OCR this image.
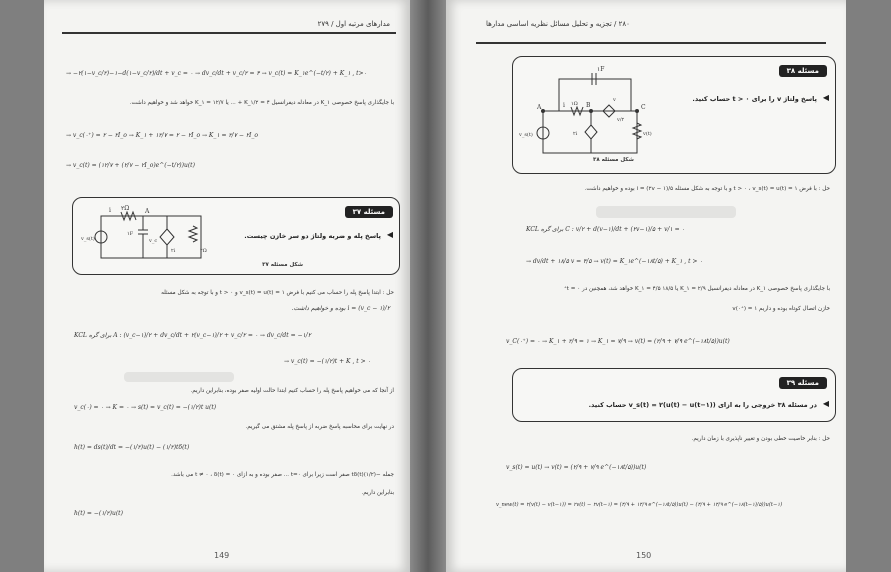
مدارهای مرتبه اول / ۲۷۹
→ −۲(۱−v_c/۲)−۱−d(۱−v_c/۲)/dt + v_c = ۰ → dv_c/dt + v_c/۲ = ۴ → v_c(t) = K_۱e^(−t/۲) + K_۱ , t>۰
با جایگذاری پاسخ خصوصی K_۱ در معادله دیفرانسیل ۴ = K_۱/۲ + ... یا K_۱ = ۱۲/۷ خواهد شد و خواهیم داشت.
→ v_c(۰⁺) = ۲ − ۲I_o → K_۱ + ۱۲/۷ = ۲ − ۲I_o → K_۱ = ۲/۷ − ۲I_o
→ v_c(t) = (۱۲/۷ + (۲/۷ − ۲I_o)e^(−t/۲))u(t)
مسئله ۳۷
◀
پاسخ پله و ضربه ولتاژ دو سر خازن چیست.
شکل مسئله ۳۷
i ۲Ω	A
v_s(t)
۱F
v_c
۲i	۲Ω
حل : ابتدا پاسخ پله را حساب می کنیم با فرض v_s(t) = u(t) = ۱ و ۰ < t و با توجه به شکل مسئله
i = (v_c − ۱)/۲ بوده و خواهیم داشت.
KCL برای گره A : (v_c−۱)/۲ + dv_c/dt + ۲(v_c−۱)/۲ + v_c/۲ = ۰ → dv_c/dt = −۱/۲
→ v_c(t) = −(۱/۲)t + K , t > ۰
از آنجا که می خواهیم پاسخ پله را حساب کنیم ابتدا حالت اولیه صفر بوده، بنابراین داریم.
v_c(۰) = ۰ → K = ۰ → s(t) = v_c(t) = −(۱/۲)t u(t)
در نهایت برای محاسبه پاسخ ضربه از پاسخ پله مشتق می گیریم.
h(t) = ds(t)/dt = −(۱/۲)u(t) − (۱/۲)tδ(t)
جمله −(۱/۲)tδ(t) صفر است زیرا برای t=۰ ... صفر بوده و به ازای t ≠ ۰ ، δ(t) = ۰ می باشد.
بنابراین داریم.
h(t) = −(۱/۲)u(t)
149
۲۸۰ / تجزیه و تحلیل مسائل نظریه اساسی مدارها
مسئله ۳۸
◀
پاسخ ولتاژ v را برای t > ۰ حساب کنید.
شکل مسئله ۳۸
۱F
A	B	C
i ۱Ω
v
v/۲
v_s(t)	۲i	v(t)
حل : با فرض t > ۰ ، v_s(t) = u(t) = ۱ و با توجه به شکل مسئله i = (۲v − ۱)/۵ بوده و خواهیم داشت.
KCL برای گره C : v/۲ + d(v−۱)/dt + (۲v−۱)/۵ + v/۱ = ۰
→ dv/dt + ۱۸/۵ v = ۴/۵ → v(t) = K_۱e^(−۱۸t/۵) + K_۱ , t > ۰
با جایگذاری پاسخ خصوصی K_۱ در معادله دیفرانسیل K_۱ = ۲/۹ یا ۱۸/۵ K_۱ = ۴/۵ خواهد شد، همچنین در t = ۰⁺
خازن اتصال کوتاه بوده و داریم v(۰⁺) = ۱
v_C(۰⁺) = ۰ → K_۱ + ۲/۹ = ۱ → K_۱ = ۷/۹ → v(t) = (۲/۹ + ۷/۹ e^(−۱۸t/۵))u(t)
مسئله ۳۹
◀
در مسئله ۳۸ خروجی را به ازای v_s(t) = ۲(u(t) − u(t−۱)) حساب کنید.
حل : بنابر خاصیت خطی بودن و تغییر ناپذیری با زمان داریم.
v_s(t) = u(t) → v(t) = (۲/۹ + ۷/۹ e^(−۱۸t/۵))u(t)
v_new(t) = ۲(v(t) − v(t−۱)) = ۲v(t) − ۲v(t−۱) = (۴/۹ + ۱۴/۹ e^(−۱۸t/۵))u(t) − (۴/۹ + ۱۴/۹ e^(−۱۸(t−۱)/۵))u(t−۱)
150
